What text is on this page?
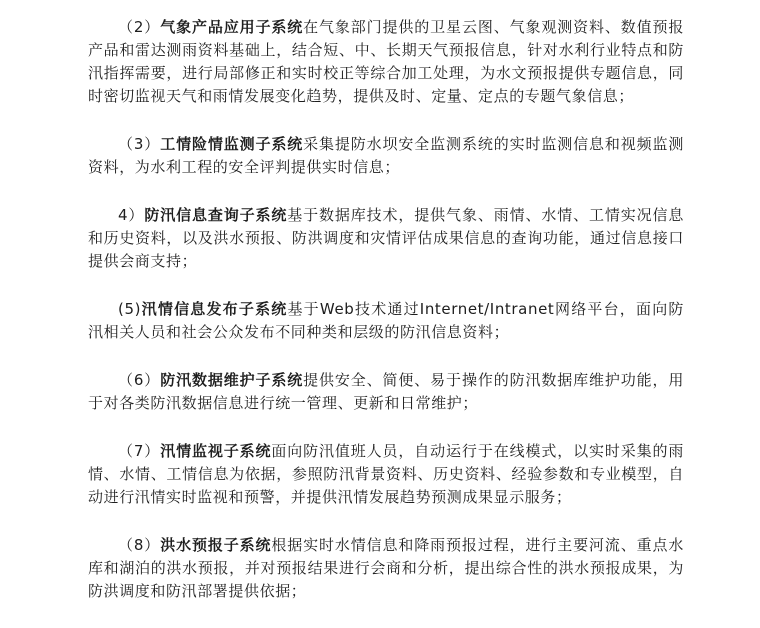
（2）气象产品应用子系统在气象部门提供的卫星云图、气象观测资料、数值预报产品和雷达测雨资料基础上，结合短、中、长期天气预报信息，针对水利行业特点和防汛指挥需要，进行局部修正和实时校正等综合加工处理，为水文预报提供专题信息，同时密切监视天气和雨情发展变化趋势，提供及时、定量、定点的专题气象信息；

（3）工情险情监测子系统采集提防水坝安全监测系统的实时监测信息和视频监测资料，为水利工程的安全评判提供实时信息；

4）防汛信息查询子系统基于数据库技术，提供气象、雨情、水情、工情实况信息和历史资料，以及洪水预报、防洪调度和灾情评估成果信息的查询功能，通过信息接口提供会商支持；

(5)汛情信息发布子系统基于Web技术通过Internet/Intranet网络平台，面向防汛相关人员和社会公众发布不同种类和层级的防汛信息资料；

（6）防汛数据维护子系统提供安全、简便、易于操作的防汛数据库维护功能，用于对各类防汛数据信息进行统一管理、更新和日常维护；

（7）汛情监视子系统面向防汛值班人员，自动运行于在线模式，以实时采集的雨情、水情、工情信息为依据，参照防汛背景资料、历史资料、经验参数和专业模型，自动进行汛情实时监视和预警，并提供汛情发展趋势预测成果显示服务；

（8）洪水预报子系统根据实时水情信息和降雨预报过程，进行主要河流、重点水库和湖泊的洪水预报，并对预报结果进行会商和分析，提出综合性的洪水预报成果，为防洪调度和防汛部署提供依据；
